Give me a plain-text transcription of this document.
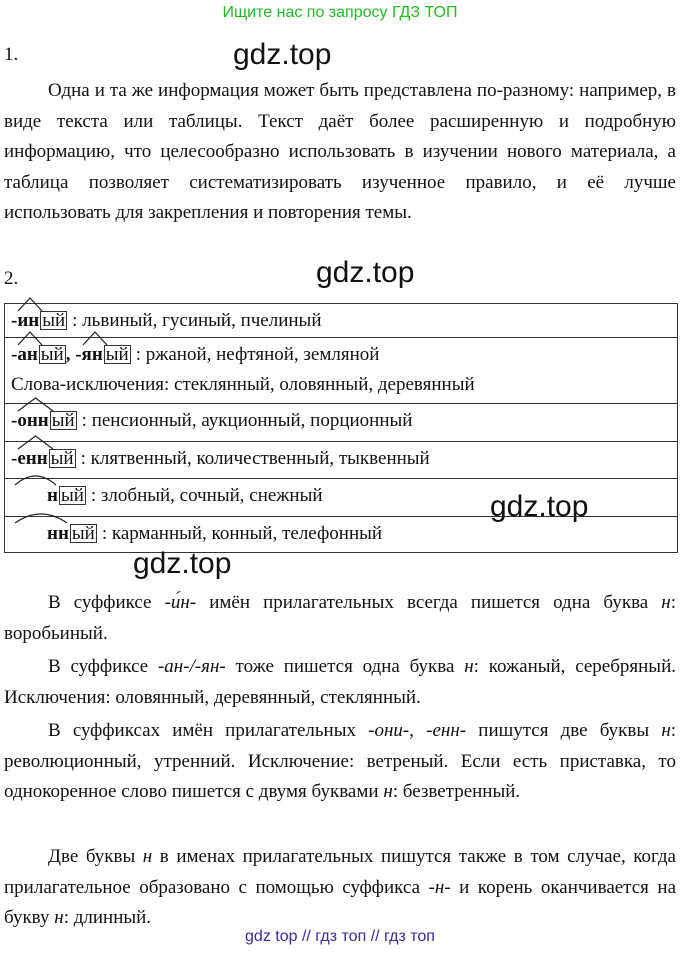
Ищите нас по запросу ГДЗ ТОП
1.	gdz.top
Одна и та же информация может быть представлена по-разному: например, в виде текста или таблицы. Текст даёт более расширенную и подробную информацию, что целесообразно использовать в изучении нового материала, а таблица позволяет систематизировать изученное правило, и её лучше использовать для закрепления и повторения темы.
2.	gdz.top
-
ин ый : львиный, гусиный, пчелиный
-
ан ый , -
ян ый : ржаной, нефтяной, земляной
Слова-исключения: стеклянный, оловянный, деревянный
-
онн ый : пенсионный, аукционный, порционный
-
енн ый : клятвенный, количественный, тыквенный
н ый : злобный, сочный, снежный
нн ый : карманный, конный, телефонный
gdz.top
gdz.top
В суффиксе -и́н- имён прилагательных всегда пишется одна буква н: воробьиный.
В суффиксе -ан-/-ян- тоже пишется одна буква н: кожаный, серебряный. Исключения: оловянный, деревянный, стеклянный.
В суффиксах имён прилагательных -они-, -енн- пишутся две буквы н: революционный, утренний. Исключение: ветреный. Если есть приставка, то однокоренное слово пишется с двумя буквами н: безветренный.
Две буквы н в именах прилагательных пишутся также в том случае, когда прилагательное образовано с помощью суффикса -н- и корень оканчивается на букву н: длинный.
gdz top // гдз топ // гдз топ
